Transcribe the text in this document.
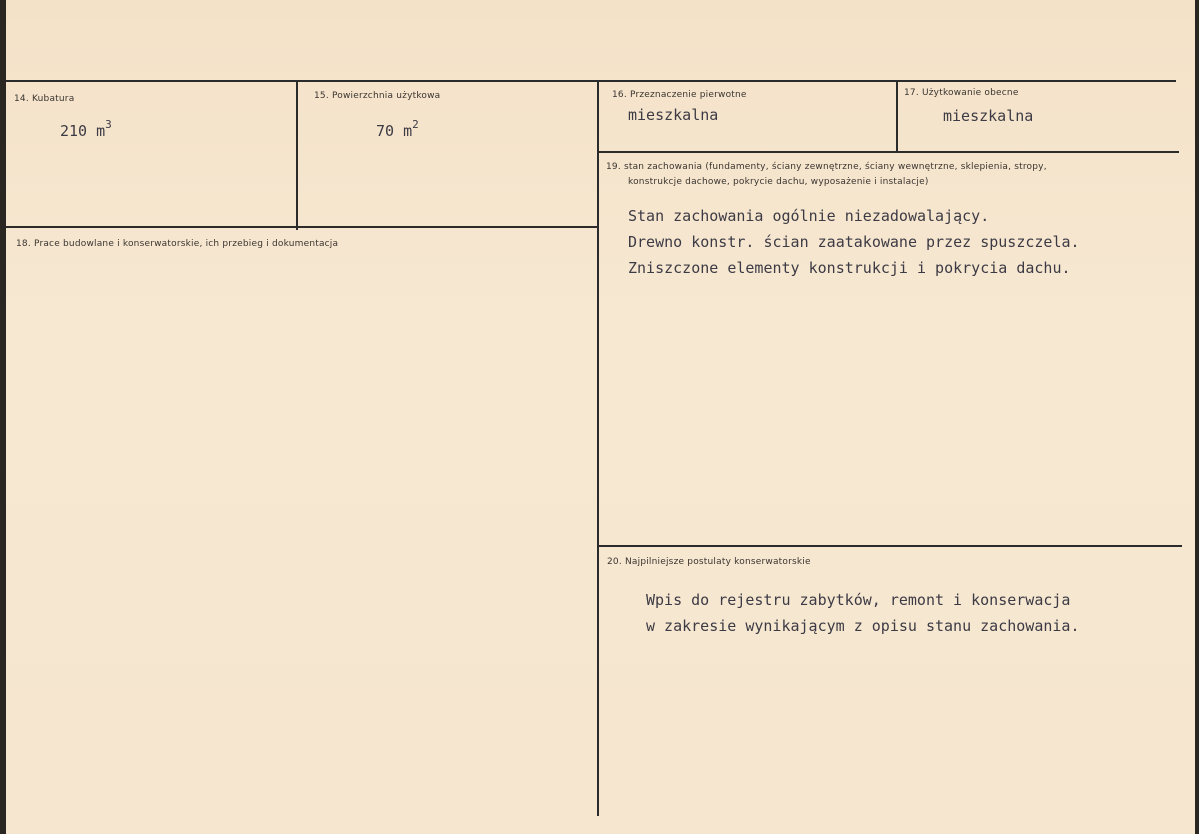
14. Kubatura
210 $m^3$
15. Powierzchnia użytkowa
70 $m^2$
16. Przeznaczenie pierwotne
mieszkalna
17. Użytkowanie obecne
mieszkalna
18. Prace budowlane i konserwatorskie, ich przebieg i dokumentacja
19. stan zachowania (fundamenty, ściany zewnętrzne, ściany wewnętrzne, sklepienia, stropy,
konstrukcje dachowe, pokrycie dachu, wyposażenie i instalacje)
Stan zachowania ogólnie niezadowalający.
Drewno konstr. ścian zaatakowane przez spuszczela.
Zniszczone elementy konstrukcji i pokrycia dachu.
20. Najpilniejsze postulaty konserwatorskie
Wpis do rejestru zabytków, remont i konserwacja
w zakresie wynikającym z opisu stanu zachowania.
